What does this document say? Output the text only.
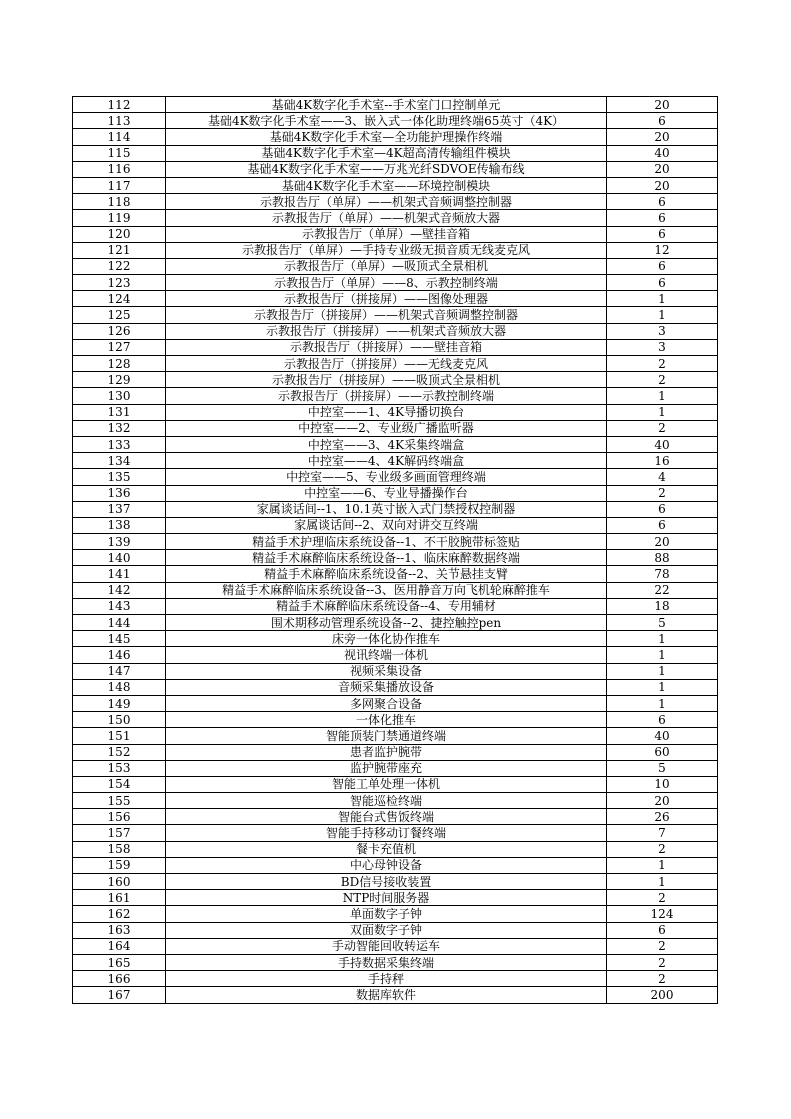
112	基础4K数字化手术室--手术室门口控制单元	20
113	基础4K数字化手术室——3、嵌入式一体化助理终端65英寸（4K）	6
114	基础4K数字化手术室—全功能护理操作终端	20
115	基础4K数字化手术室—4K超高清传输组件模块	40
116	基础4K数字化手术室——万兆光纤SDVOE传输布线	20
117	基础4K数字化手术室——环境控制模块	20
118	示教报告厅（单屏）——机架式音频调整控制器	6
119	示教报告厅（单屏）——机架式音频放大器	6
120	示教报告厅（单屏）—壁挂音箱	6
121	示教报告厅（单屏）—手持专业级无损音质无线麦克风	12
122	示教报告厅（单屏）—吸顶式全景相机	6
123	示教报告厅（单屏）——8、示教控制终端	6
124	示教报告厅（拼接屏）——图像处理器	1
125	示教报告厅（拼接屏）——机架式音频调整控制器	1
126	示教报告厅（拼接屏）——机架式音频放大器	3
127	示教报告厅（拼接屏）——壁挂音箱	3
128	示教报告厅（拼接屏）——无线麦克风	2
129	示教报告厅（拼接屏）——吸顶式全景相机	2
130	示教报告厅（拼接屏）——示教控制终端	1
131	中控室——1、4K导播切换台	1
132	中控室——2、专业级广播监听器	2
133	中控室——3、4K采集终端盒	40
134	中控室——4、4K解码终端盒	16
135	中控室——5、专业级多画面管理终端	4
136	中控室——6、专业导播操作台	2
137	家属谈话间--1、10.1英寸嵌入式门禁授权控制器	6
138	家属谈话间--2、双向对讲交互终端	6
139	精益手术护理临床系统设备--1、不干胶腕带标签贴	20
140	精益手术麻醉临床系统设备--1、临床麻醉数据终端	88
141	精益手术麻醉临床系统设备--2、关节悬挂支臂	78
142	精益手术麻醉临床系统设备--3、医用静音万向飞机轮麻醉推车	22
143	精益手术麻醉临床系统设备--4、专用辅材	18
144	围术期移动管理系统设备--2、捷控触控pen	5
145	床旁一体化协作推车	1
146	视讯终端一体机	1
147	视频采集设备	1
148	音频采集播放设备	1
149	多网聚合设备	1
150	一体化推车	6
151	智能顶装门禁通道终端	40
152	患者监护腕带	60
153	监护腕带座充	5
154	智能工单处理一体机	10
155	智能巡检终端	20
156	智能台式售饭终端	26
157	智能手持移动订餐终端	7
158	餐卡充值机	2
159	中心母钟设备	1
160	BD信号接收装置	1
161	NTP时间服务器	2
162	单面数字子钟	124
163	双面数字子钟	6
164	手动智能回收转运车	2
165	手持数据采集终端	2
166	手持秤	2
167	数据库软件	200
